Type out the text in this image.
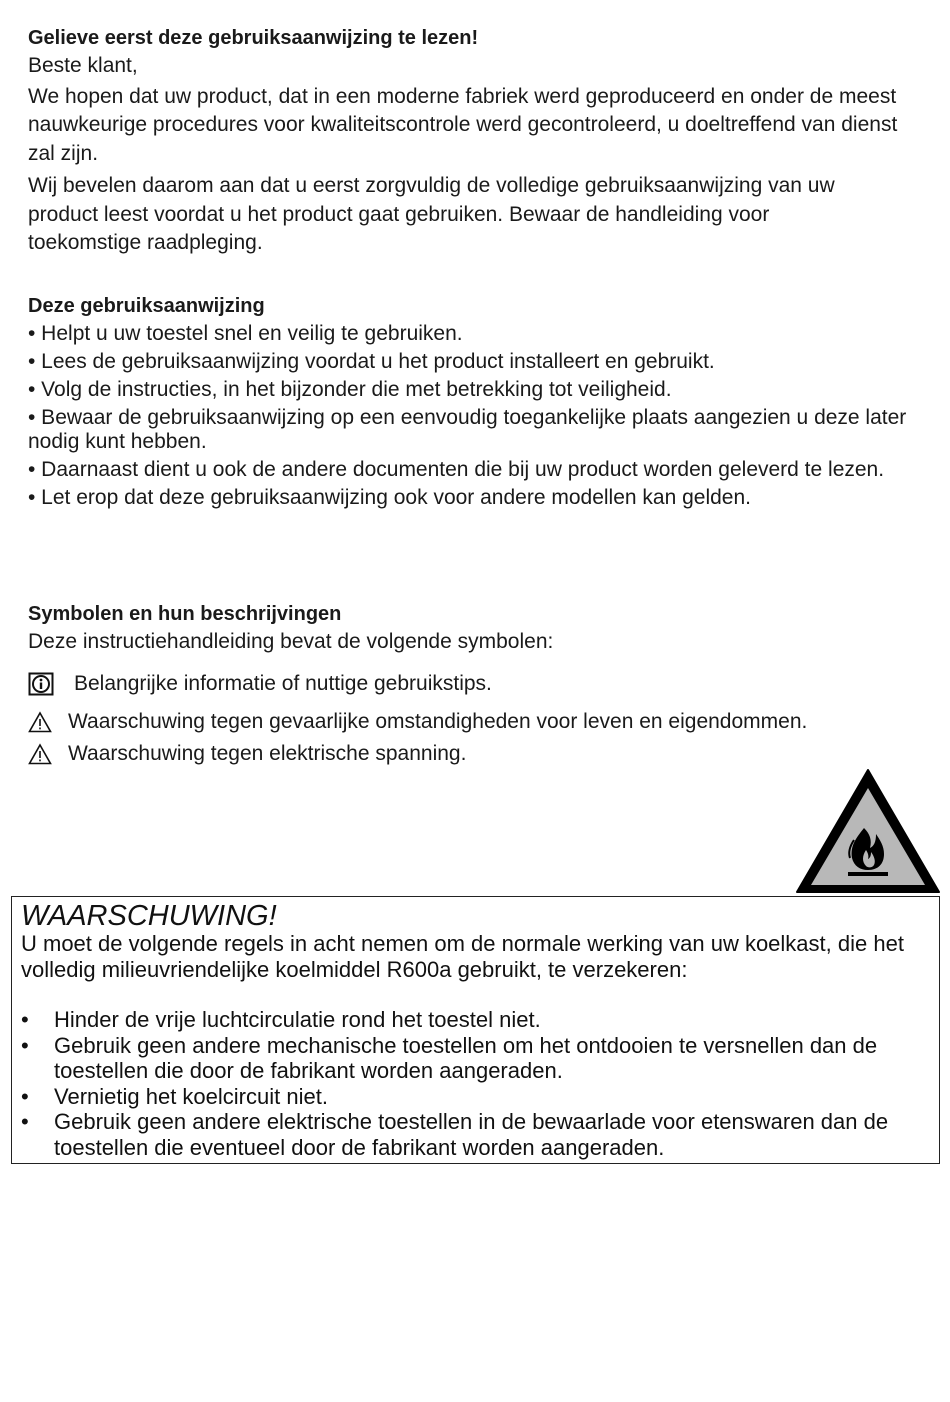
Gelieve eerst deze gebruiksaanwijzing te lezen!

Beste klant,

We hopen dat uw product, dat in een moderne fabriek werd geproduceerd en onder de meest nauwkeurige procedures voor kwaliteitscontrole werd gecontroleerd, u doeltreffend van dienst zal zijn.

Wij bevelen daarom aan dat u eerst zorgvuldig de volledige gebruiksaanwijzing van uw product leest voordat u het product gaat gebruiken. Bewaar de handleiding voor toekomstige raadpleging.

Deze gebruiksaanwijzing

• Helpt u uw toestel snel en veilig te gebruiken.

• Lees de gebruiksaanwijzing voordat u het product installeert en gebruikt.

• Volg de instructies, in het bijzonder die met betrekking tot veiligheid.

• Bewaar de gebruiksaanwijzing op een eenvoudig toegankelijke plaats aangezien u deze later nodig kunt hebben.

• Daarnaast dient u ook de andere documenten die bij uw product worden geleverd te lezen.

• Let erop dat deze gebruiksaanwijzing ook voor andere modellen kan gelden.

Symbolen en hun beschrijvingen

Deze instructiehandleiding bevat de volgende symbolen:

Belangrijke informatie of nuttige gebruikstips.
Waarschuwing tegen gevaarlijke omstandigheden voor leven en eigendommen.
Waarschuwing tegen elektrische spanning.
WAARSCHUWING!
U moet de volgende regels in acht nemen om de normale werking van uw koelkast, die het volledig milieuvriendelijke koelmiddel R600a gebruikt, te verzekeren:
•	Hinder de vrije luchtcirculatie rond het toestel niet.
•	Gebruik geen andere mechanische toestellen om het ontdooien te versnellen dan de toestellen die door de fabrikant worden aangeraden.
•	Vernietig het koelcircuit niet.
•	Gebruik geen andere elektrische toestellen in de bewaarlade voor etenswaren dan de toestellen die eventueel door de fabrikant worden aangeraden.
